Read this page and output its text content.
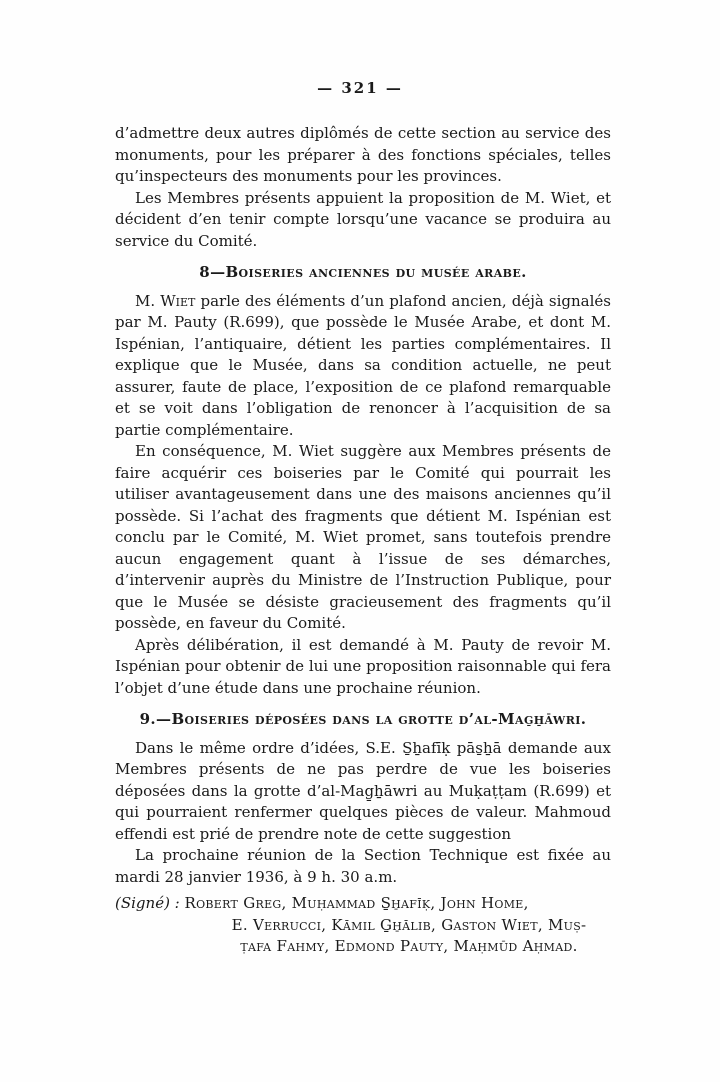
— 321 —

d’admettre deux autres diplômés de cette section au service des monuments, pour les préparer à des fonctions spéciales, telles qu’inspecteurs des monuments pour les provinces.

Les Membres présents appuient la proposition de M. Wiet, et décident d’en tenir compte lorsqu’une vacance se produira au service du Comité.

8—Boiseries anciennes du musée arabe.

M. Wiet parle des éléments d’un plafond ancien, déjà signalés par M. Pauty (R.699), que possède le Musée Arabe, et dont M. Ispénian, l’antiquaire, détient les parties complémentaires. Il explique que le Musée, dans sa condition actuelle, ne peut assurer, faute de place, l’exposition de ce plafond remarquable et se voit dans l’obligation de renoncer à l’acquisition de sa partie complémentaire.

En conséquence, M. Wiet suggère aux Membres présents de faire acquérir ces boiseries par le Comité qui pourrait les utiliser avantageusement dans une des maisons anciennes qu’il possède. Si l’achat des fragments que détient M. Ispénian est conclu par le Comité, M. Wiet promet, sans toutefois prendre aucun engagement quant à l’issue de ses démarches, d’intervenir auprès du Ministre de l’Instruction Publique, pour que le Musée se désiste gracieusement des fragments qu’il possède, en faveur du Comité.

Après délibération, il est demandé à M. Pauty de revoir M. Ispénian pour obtenir de lui une proposition raisonnable qui fera l’objet d’une étude dans une prochaine réunion.

9.—Boiseries déposées dans la grotte d’al-Mag̱ẖāwri.

Dans le même ordre d’idées, S.E. S̱ẖafīḳ pās̱ẖā demande aux Membres présents de ne pas perdre de vue les boiseries déposées dans la grotte d’al-Mag̱ẖāwri au Muḳaṭṭam (R.699) et qui pourraient renfermer quelques pièces de valeur. Mahmoud effendi est prié de prendre note de cette suggestion

La prochaine réunion de la Section Technique est fixée au mardi 28 janvier 1936, à 9 h. 30 a.m.

(Signé) : Robert Greg, Muḥammad S̱ẖafīḳ, John Home,

E. Verrucci, Kāmil G̱ẖālib, Gaston Wiet, Muṣ-

ṭafa Fahmy, Edmond Pauty, Maḥmūd Aḥmad.
